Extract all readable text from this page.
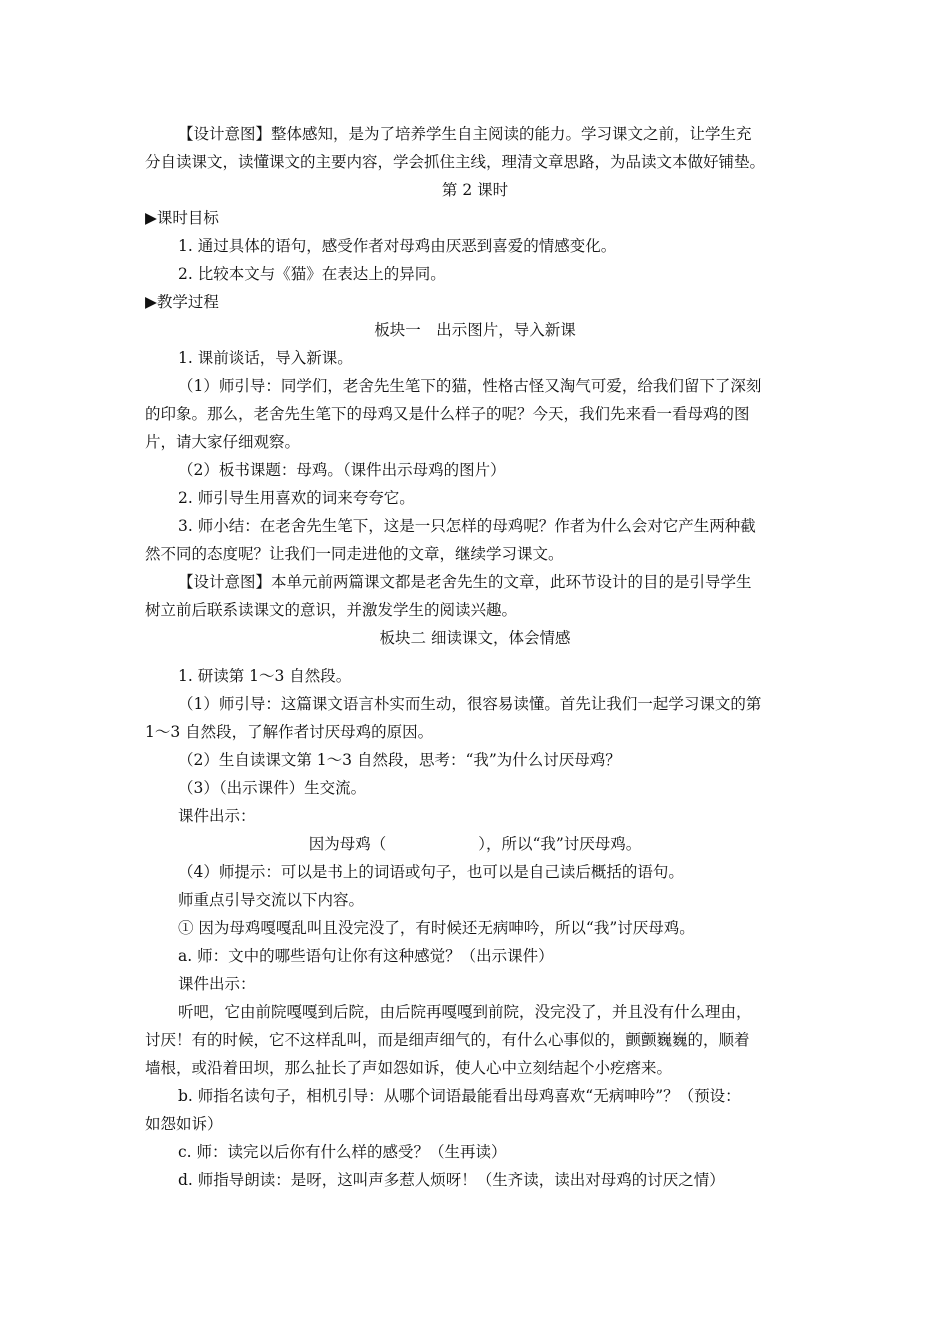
【设计意图】整体感知，是为了培养学生自主阅读的能力。学习课文之前，让学生充
分自读课文，读懂课文的主要内容，学会抓住主线，理清文章思路，为品读文本做好铺垫。
第 2 课时
▶课时目标
1. 通过具体的语句，感受作者对母鸡由厌恶到喜爱的情感变化。
2. 比较本文与《猫》在表达上的异同。
▶教学过程
板块一　出示图片，导入新课
1. 课前谈话，导入新课。
（1）师引导：同学们，老舍先生笔下的猫，性格古怪又淘气可爱，给我们留下了深刻
的印象。那么，老舍先生笔下的母鸡又是什么样子的呢？今天，我们先来看一看母鸡的图
片，请大家仔细观察。
（2）板书课题：母鸡。（课件出示母鸡的图片）
2. 师引导生用喜欢的词来夸夸它。
3. 师小结：在老舍先生笔下，这是一只怎样的母鸡呢？作者为什么会对它产生两种截
然不同的态度呢？让我们一同走进他的文章，继续学习课文。
【设计意图】本单元前两篇课文都是老舍先生的文章，此环节设计的目的是引导学生
树立前后联系读课文的意识，并激发学生的阅读兴趣。
板块二 细读课文，体会情感
1. 研读第 1～3 自然段。
（1）师引导：这篇课文语言朴实而生动，很容易读懂。首先让我们一起学习课文的第
1～3 自然段，了解作者讨厌母鸡的原因。
（2）生自读课文第 1～3 自然段，思考：“我”为什么讨厌母鸡？
（3）（出示课件）生交流。
课件出示：
因为母鸡（	），所以“我”讨厌母鸡。
（4）师提示：可以是书上的词语或句子，也可以是自己读后概括的语句。
师重点引导交流以下内容。
① 因为母鸡嘎嘎乱叫且没完没了，有时候还无病呻吟，所以“我”讨厌母鸡。
a. 师：文中的哪些语句让你有这种感觉？（出示课件）
课件出示：
听吧，它由前院嘎嘎到后院，由后院再嘎嘎到前院，没完没了，并且没有什么理由，
讨厌！有的时候，它不这样乱叫，而是细声细气的，有什么心事似的，颤颤巍巍的，顺着
墙根，或沿着田坝，那么扯长了声如怨如诉，使人心中立刻结起个小疙瘩来。
b. 师指名读句子，相机引导：从哪个词语最能看出母鸡喜欢“无病呻吟”？（预设：
如怨如诉）
c. 师：读完以后你有什么样的感受？（生再读）
d. 师指导朗读：是呀，这叫声多惹人烦呀！（生齐读，读出对母鸡的讨厌之情）
